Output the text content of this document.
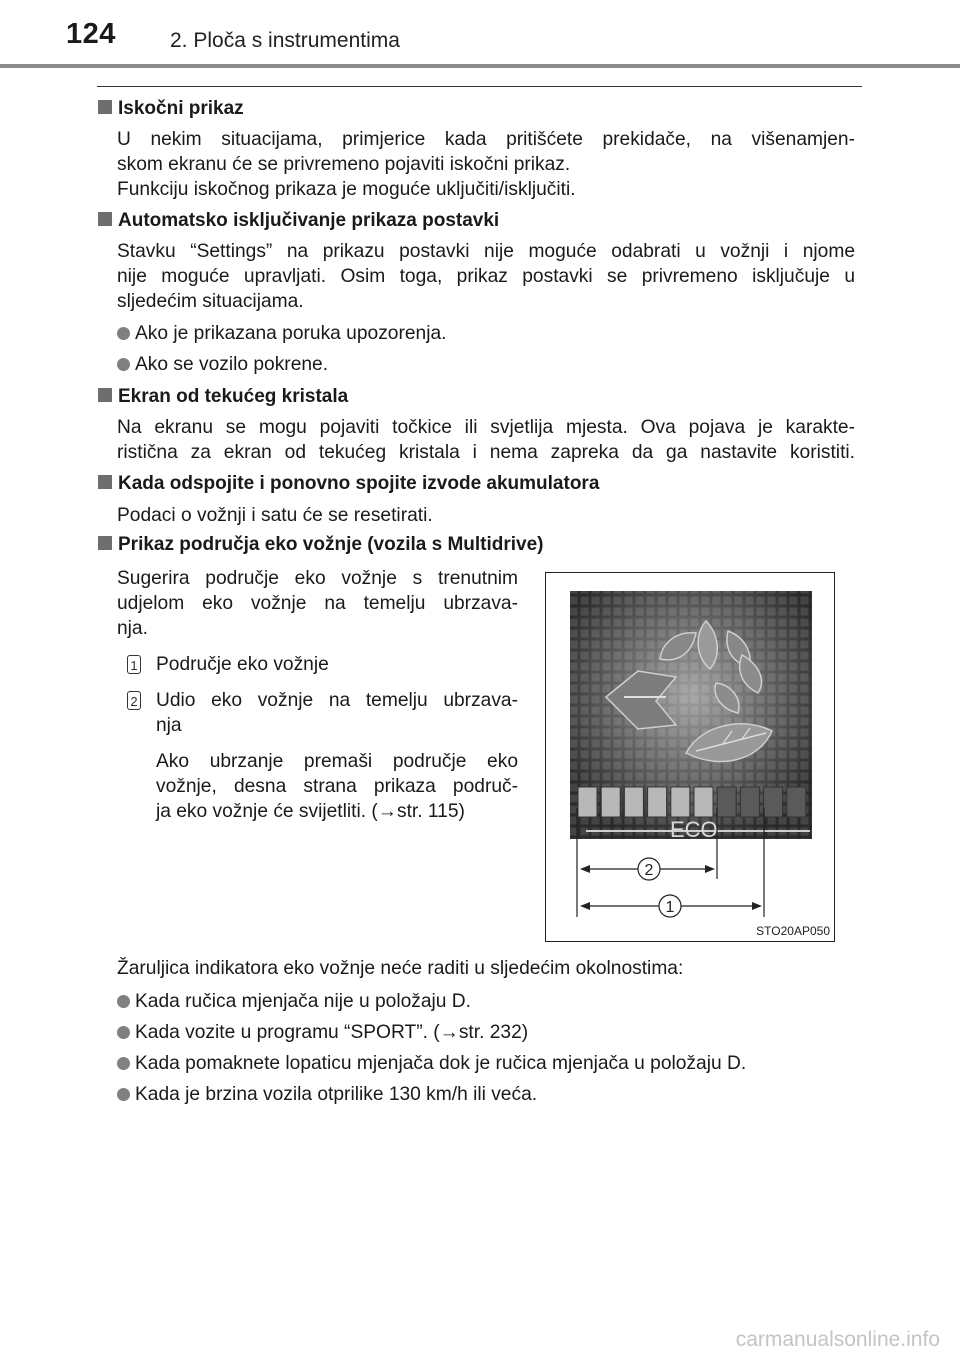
124	2. Ploča s instrumentima
Iskočni prikaz
U nekim situacijama, primjerice kada pritišćete prekidače, na višenamjen-
skom ekranu će se privremeno pojaviti iskočni prikaz.
Funkciju iskočnog prikaza je moguće uključiti/isključiti.
Automatsko isključivanje prikaza postavki
Stavku “Settings” na prikazu postavki nije moguće odabrati u vožnji i njome
nije moguće upravljati. Osim toga, prikaz postavki se privremeno isključuje u
sljedećim situacijama.
Ako je prikazana poruka upozorenja.
Ako se vozilo pokrene.
Ekran od tekućeg kristala
Na ekranu se mogu pojaviti točkice ili svjetlija mjesta. Ova pojava je karakte-
ristična za ekran od tekućeg kristala i nema zapreka da ga nastavite koristiti.
Kada odspojite i ponovno spojite izvode akumulatora
Podaci o vožnji i satu će se resetirati.
Prikaz područja eko vožnje (vozila s Multidrive)
Sugerira područje eko vožnje s trenutnim
udjelom eko vožnje na temelju ubrzava-
nja.
1 Područje eko vožnje
2 Udio eko vožnje na temelju ubrzava-
nja
Ako ubrzanje premaši područje eko
vožnje, desna strana prikaza područ-
ja eko vožnje će svijetliti. (→str. 115)
ECO
2
1
STO20AP050
Žaruljica indikatora eko vožnje neće raditi u sljedećim okolnostima:
Kada ručica mjenjača nije u položaju D.
Kada vozite u programu “SPORT”. (→str. 232)
Kada pomaknete lopaticu mjenjača dok je ručica mjenjača u položaju D.
Kada je brzina vozila otprilike 130 km/h ili veća.
carmanualsonline.info
